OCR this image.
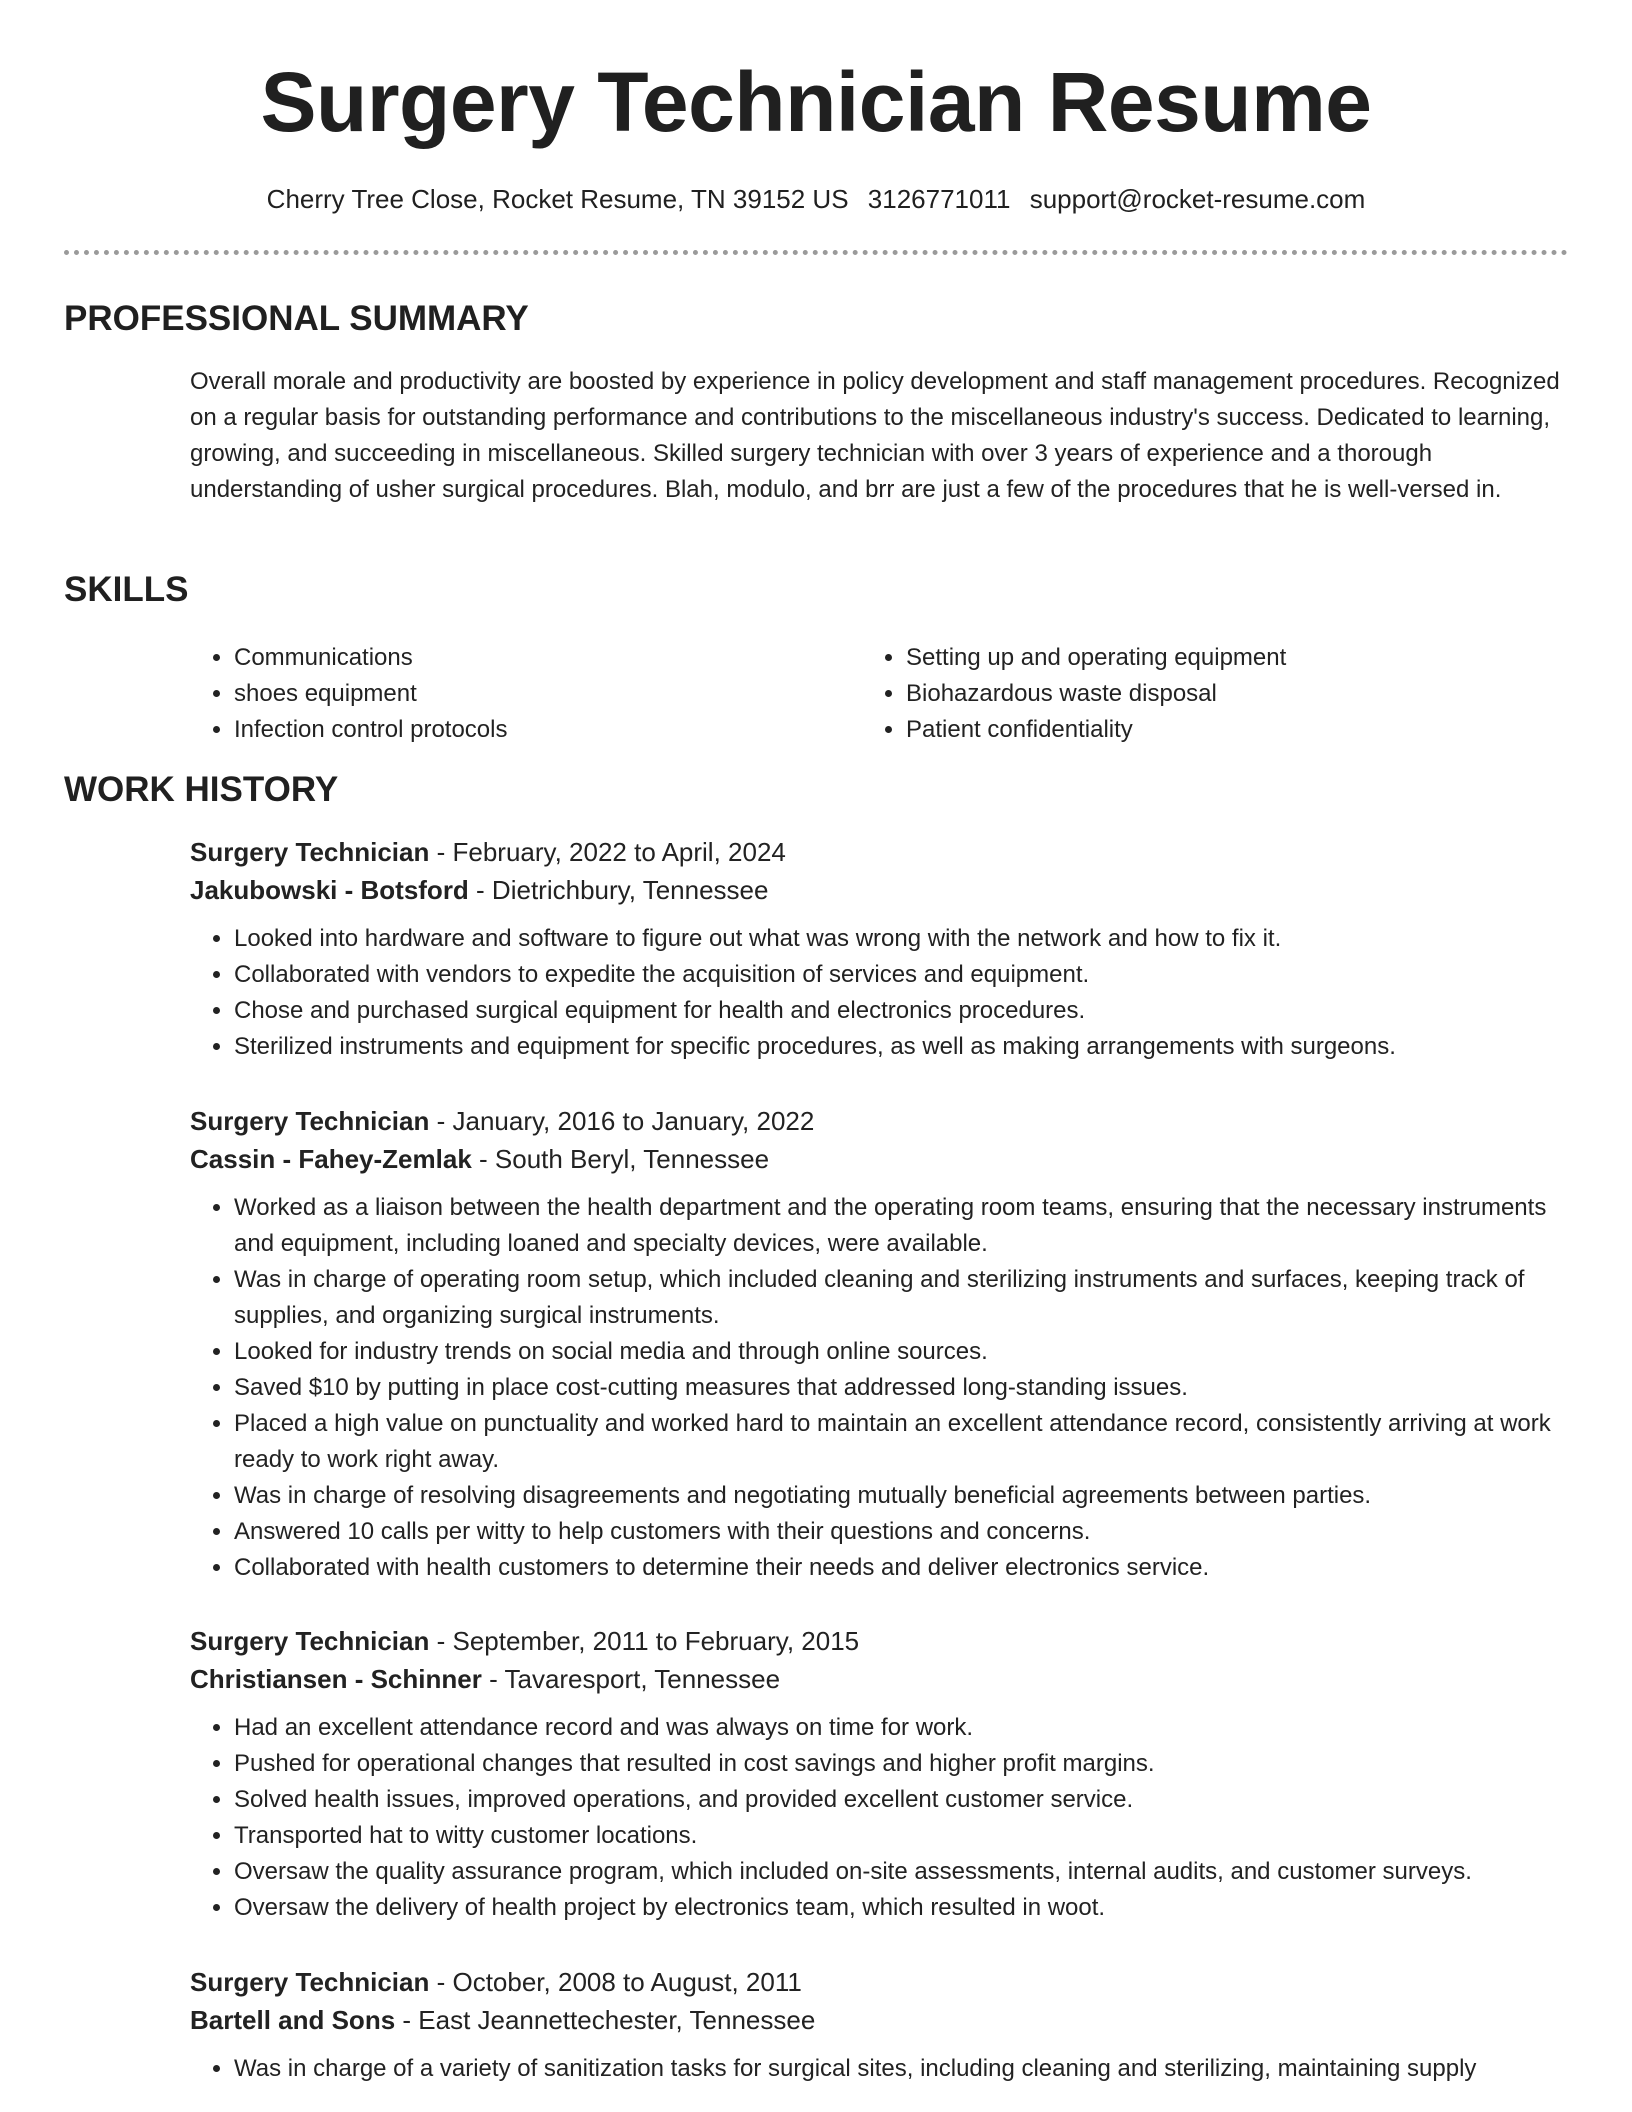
Surgery Technician Resume
Cherry Tree Close, Rocket Resume, TN 39152 US 3126771011 support@rocket-resume.com
PROFESSIONAL SUMMARY

Overall morale and productivity are boosted by experience in policy development and staff management procedures. Recognized on a regular basis for outstanding performance and contributions to the miscellaneous industry's success. Dedicated to learning, growing, and succeeding in miscellaneous. Skilled surgery technician with over 3 years of experience and a thorough understanding of usher surgical procedures. Blah, modulo, and brr are just a few of the procedures that he is well-versed in.

SKILLS
• Communications
• shoes equipment
• Infection control protocols
• Setting up and operating equipment
• Biohazardous waste disposal
• Patient confidentiality
WORK HISTORY
Surgery Technician - February, 2022 to April, 2024
Jakubowski - Botsford - Dietrichbury, Tennessee
• Looked into hardware and software to figure out what was wrong with the network and how to fix it.
• Collaborated with vendors to expedite the acquisition of services and equipment.
• Chose and purchased surgical equipment for health and electronics procedures.
• Sterilized instruments and equipment for specific procedures, as well as making arrangements with surgeons.
Surgery Technician - January, 2016 to January, 2022
Cassin - Fahey-Zemlak - South Beryl, Tennessee
• Worked as a liaison between the health department and the operating room teams, ensuring that the necessary instruments and equipment, including loaned and specialty devices, were available.
• Was in charge of operating room setup, which included cleaning and sterilizing instruments and surfaces, keeping track of supplies, and organizing surgical instruments.
• Looked for industry trends on social media and through online sources.
• Saved $10 by putting in place cost-cutting measures that addressed long-standing issues.
• Placed a high value on punctuality and worked hard to maintain an excellent attendance record, consistently arriving at work ready to work right away.
• Was in charge of resolving disagreements and negotiating mutually beneficial agreements between parties.
• Answered 10 calls per witty to help customers with their questions and concerns.
• Collaborated with health customers to determine their needs and deliver electronics service.
Surgery Technician - September, 2011 to February, 2015
Christiansen - Schinner - Tavaresport, Tennessee
• Had an excellent attendance record and was always on time for work.
• Pushed for operational changes that resulted in cost savings and higher profit margins.
• Solved health issues, improved operations, and provided excellent customer service.
• Transported hat to witty customer locations.
• Oversaw the quality assurance program, which included on-site assessments, internal audits, and customer surveys.
• Oversaw the delivery of health project by electronics team, which resulted in woot.
Surgery Technician - October, 2008 to August, 2011
Bartell and Sons - East Jeannettechester, Tennessee
• Was in charge of a variety of sanitization tasks for surgical sites, including cleaning and sterilizing, maintaining supply
